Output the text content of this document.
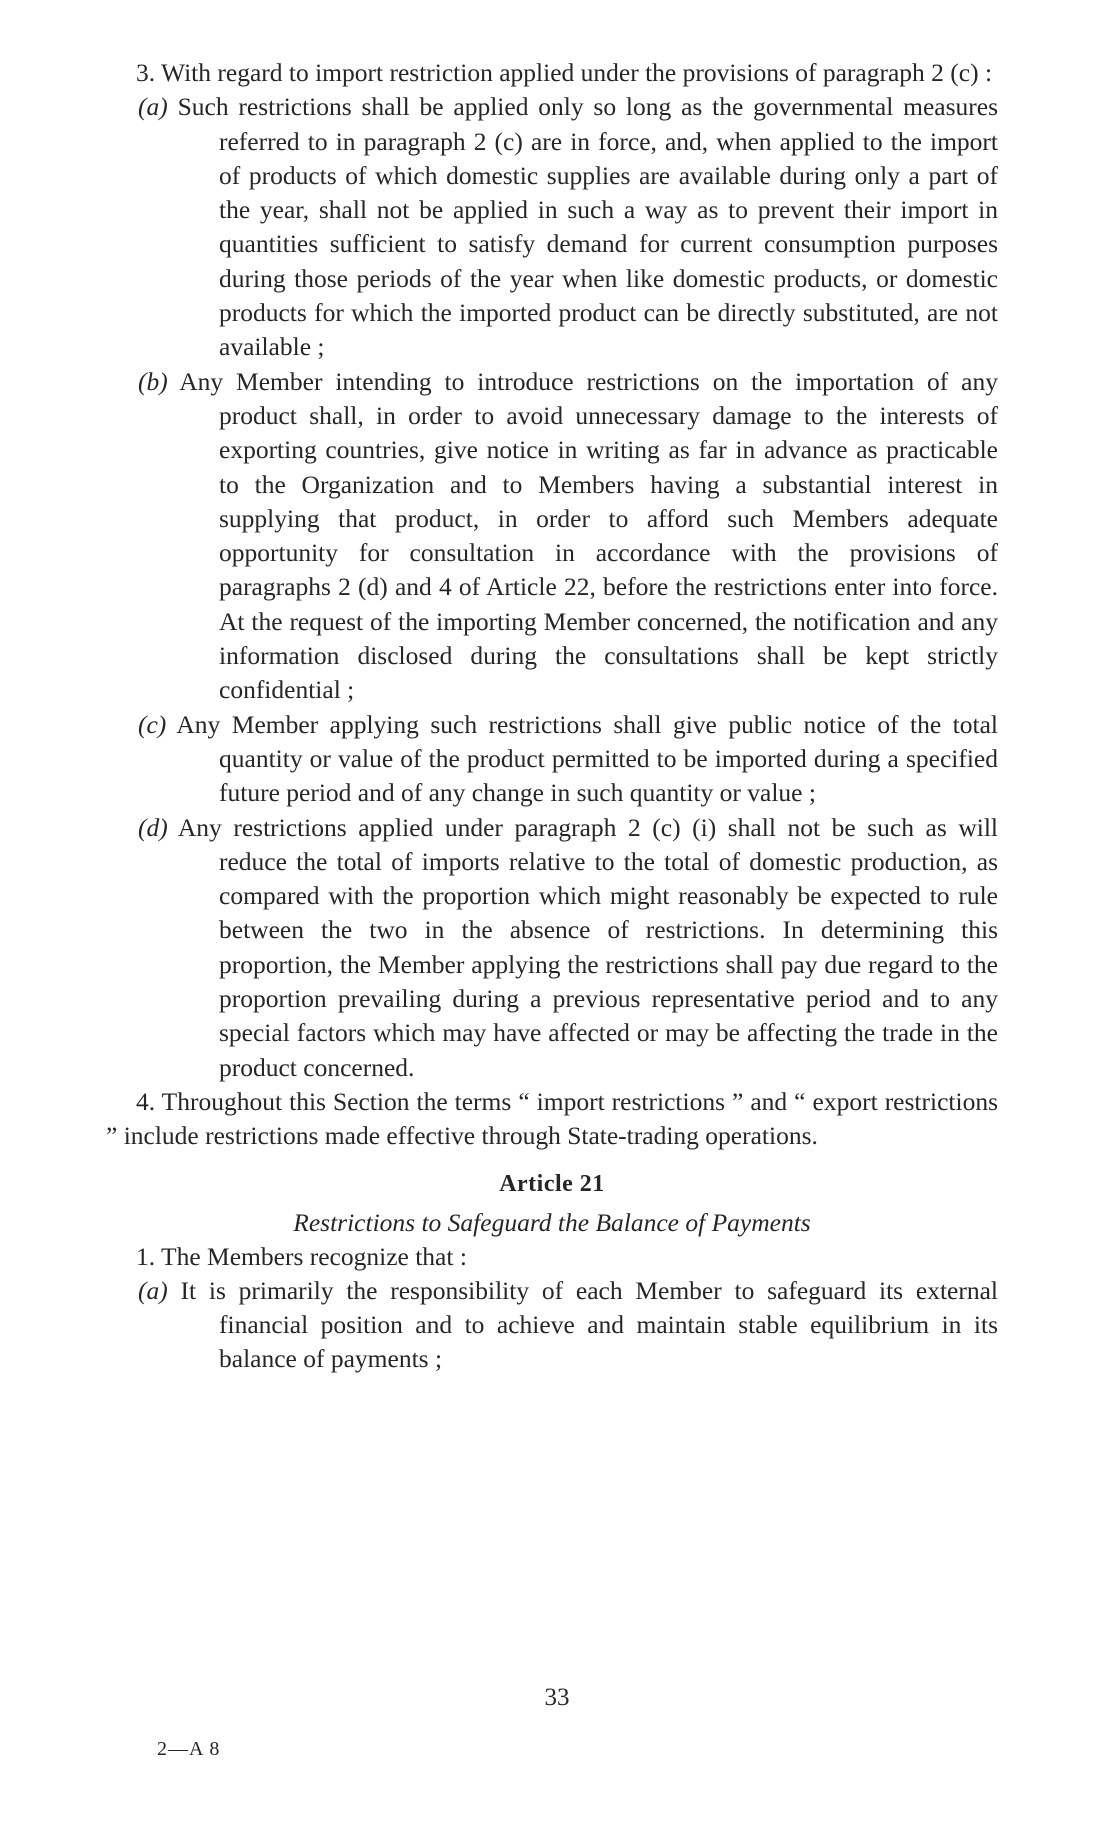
3. With regard to import restriction applied under the provisions of paragraph 2 (c) :

(a) Such restrictions shall be applied only so long as the governmental measures referred to in paragraph 2 (c) are in force, and, when applied to the import of products of which domestic supplies are available during only a part of the year, shall not be applied in such a way as to prevent their import in quantities sufficient to satisfy demand for current consumption purposes during those periods of the year when like domestic products, or domestic products for which the imported product can be directly substituted, are not available ;

(b) Any Member intending to introduce restrictions on the importation of any product shall, in order to avoid unnecessary damage to the interests of exporting countries, give notice in writing as far in advance as practicable to the Organization and to Members having a substantial interest in supplying that product, in order to afford such Members adequate opportunity for consultation in accordance with the provisions of paragraphs 2 (d) and 4 of Article 22, before the restrictions enter into force. At the request of the importing Member concerned, the notification and any information disclosed during the consultations shall be kept strictly confidential ;

(c) Any Member applying such restrictions shall give public notice of the total quantity or value of the product permitted to be imported during a specified future period and of any change in such quantity or value ;

(d) Any restrictions applied under paragraph 2 (c) (i) shall not be such as will reduce the total of imports relative to the total of domestic production, as compared with the proportion which might reasonably be expected to rule between the two in the absence of restrictions. In determining this proportion, the Member applying the restrictions shall pay due regard to the proportion prevailing during a previous representative period and to any special factors which may have affected or may be affecting the trade in the product concerned.

4. Throughout this Section the terms “ import restrictions ” and “ export restrictions ” include restrictions made effective through State-trading operations.

Article 21

Restrictions to Safeguard the Balance of Payments

1. The Members recognize that :

(a) It is primarily the responsibility of each Member to safeguard its external financial position and to achieve and maintain stable equilibrium in its balance of payments ;

33
2—A 8
